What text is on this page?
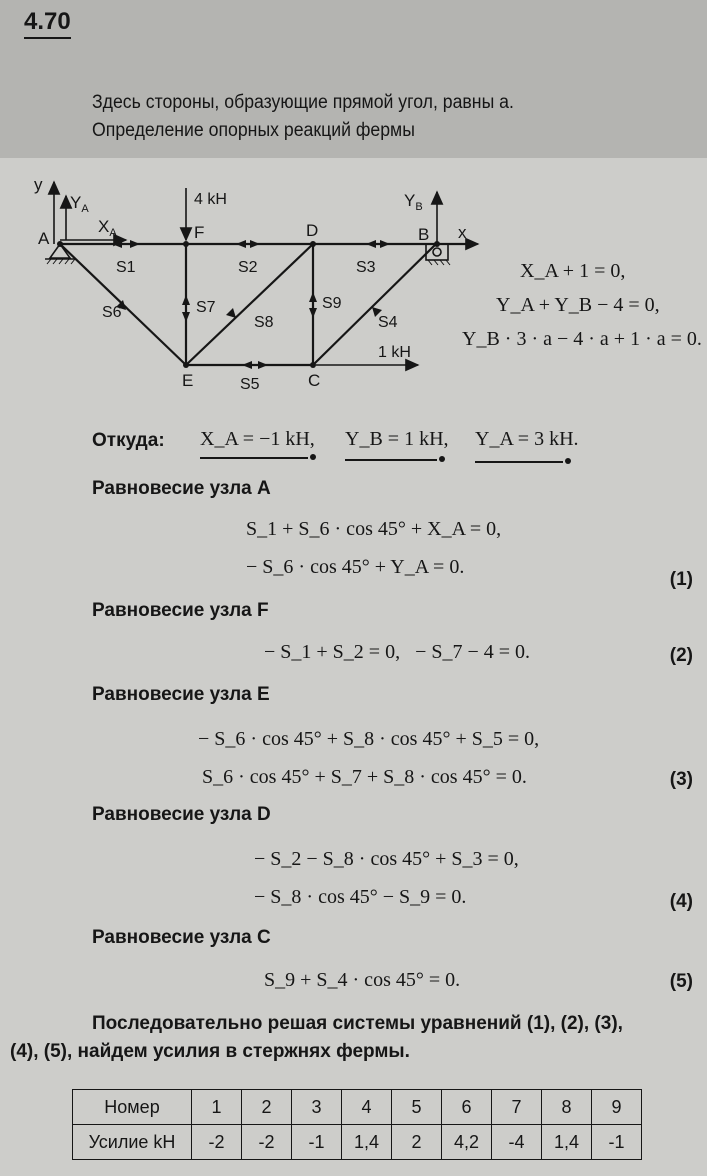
4.70
Здесь стороны, образующие прямой угол, равны a.
Определение опорных реакций фермы
y
$Y_A$
$X_A$	x
$Y_B$
4 kH
1 kH
A	F	D	B
E	C
S1	S2	S3
S4
S5
S6	S7
S8
S9
X_A + 1 = 0,
Y_A + Y_B − 4 = 0,
Y_B · 3 · a − 4 · a + 1 · a = 0.
Откуда: X_A = −1 kH, Y_B = 1 kH, Y_A = 3 kH.
Равновесие узла A
S_1 + S_6 · cos 45° + X_A = 0,
− S_6 · cos 45° + Y_A = 0.
(1)
Равновесие узла F
− S_1 + S_2 = 0,   − S_7 − 4 = 0.	(2)
Равновесие узла E
− S_6 · cos 45° + S_8 · cos 45° + S_5 = 0,
S_6 · cos 45° + S_7 + S_8 · cos 45° = 0.	(3)
Равновесие узла D
− S_2 − S_8 · cos 45° + S_3 = 0,
− S_8 · cos 45° − S_9 = 0.	(4)
Равновесие узла C
S_9 + S_4 · cos 45° = 0.	(5)
Последовательно решая системы уравнений (1), (2), (3),
(4), (5), найдем усилия в стержнях фермы.
Номер	1	2	3	4	5	6	7	8	9
Усилие kH	-2	-2	-1	1,4	2	4,2	-4	1,4	-1
